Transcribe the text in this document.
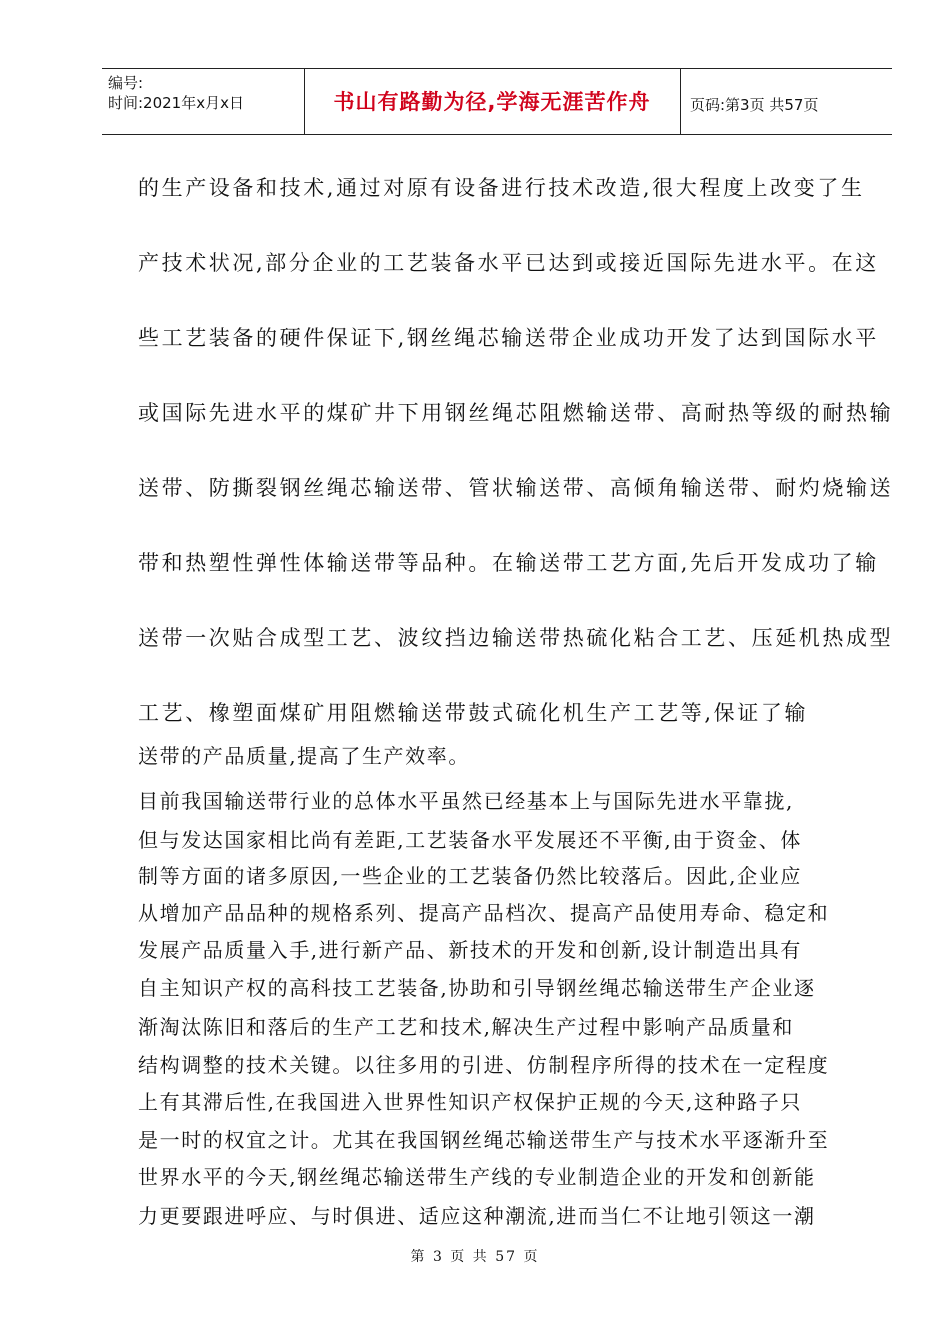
编号:
时间:2021年x月x日	书山有路勤为径,学海无涯苦作舟	页码:第3页 共57页
的生产设备和技术,通过对原有设备进行技术改造,很大程度上改变了生
产技术状况,部分企业的工艺装备水平已达到或接近国际先进水平。在这
些工艺装备的硬件保证下,钢丝绳芯输送带企业成功开发了达到国际水平
或国际先进水平的煤矿井下用钢丝绳芯阻燃输送带、高耐热等级的耐热输
送带、防撕裂钢丝绳芯输送带、管状输送带、高倾角输送带、耐灼烧输送
带和热塑性弹性体输送带等品种。在输送带工艺方面,先后开发成功了输
送带一次贴合成型工艺、波纹挡边输送带热硫化粘合工艺、压延机热成型
工艺、橡塑面煤矿用阻燃输送带鼓式硫化机生产工艺等,保证了输
送带的产品质量,提高了生产效率。
目前我国输送带行业的总体水平虽然已经基本上与国际先进水平靠拢,
但与发达国家相比尚有差距,工艺装备水平发展还不平衡,由于资金、体
制等方面的诸多原因,一些企业的工艺装备仍然比较落后。因此,企业应
从增加产品品种的规格系列、提高产品档次、提高产品使用寿命、稳定和
发展产品质量入手,进行新产品、新技术的开发和创新,设计制造出具有
自主知识产权的高科技工艺装备,协助和引导钢丝绳芯输送带生产企业逐
渐淘汰陈旧和落后的生产工艺和技术,解决生产过程中影响产品质量和
结构调整的技术关键。以往多用的引进、仿制程序所得的技术在一定程度
上有其滞后性,在我国进入世界性知识产权保护正规的今天,这种路子只
是一时的权宜之计。尤其在我国钢丝绳芯输送带生产与技术水平逐渐升至
世界水平的今天,钢丝绳芯输送带生产线的专业制造企业的开发和创新能
力更要跟进呼应、与时俱进、适应这种潮流,进而当仁不让地引领这一潮
第 3 页 共 57 页
